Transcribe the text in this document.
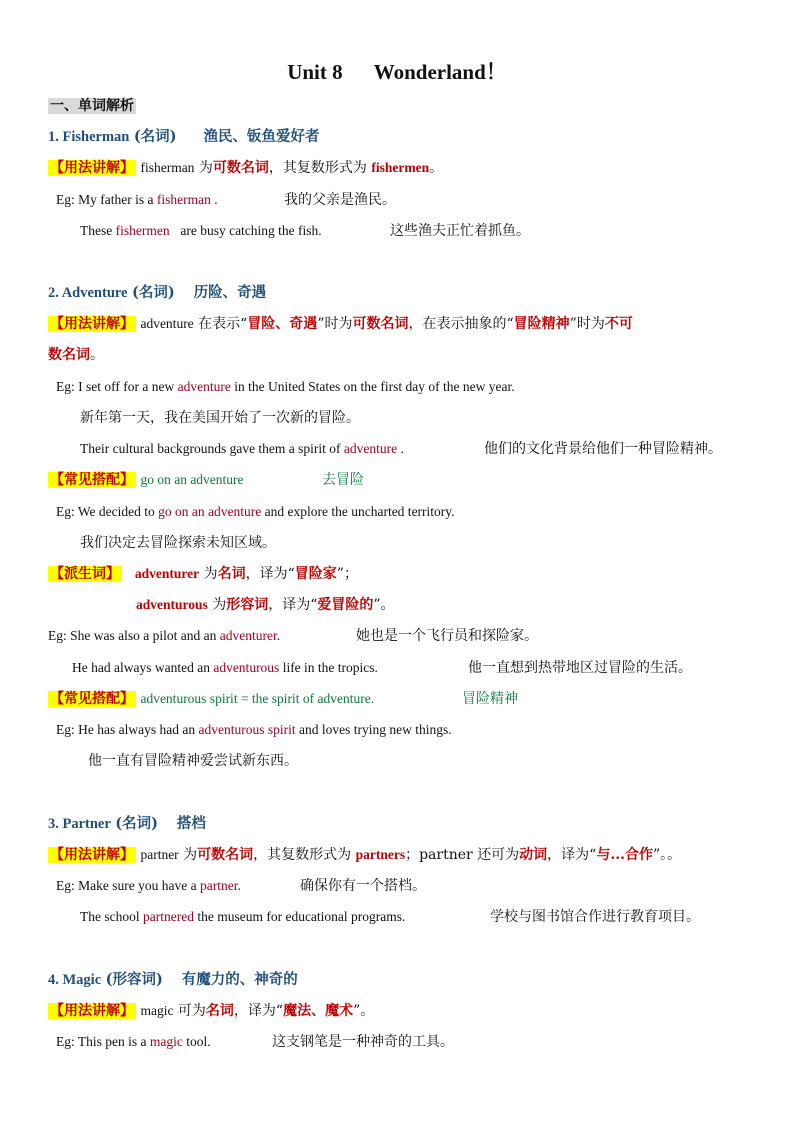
Unit 8      Wonderland！
一、单词解析
1. Fisherman (名词) 渔民、钣鱼爱好者
【用法讲解】 fisherman 为可数名词，其复数形式为 fishermen。
Eg: My father is a fisherman .	我的父亲是渔民。
These fishermen are busy catching the fish.	这些渔夫正忙着抓鱼。
2. Adventure (名词) 历险、奇遇
【用法讲解】 adventure 在表示“冒险、奇遇”时为可数名词，在表示抽象的“冒险精神”时为不可
数名词。
Eg: I set off for a new adventure in the United States on the first day of the new year.
新年第一天，我在美国开始了一次新的冒险。
Their cultural backgrounds gave them a spirit of adventure .	他们的文化背景给他们一种冒险精神。
【常见搭配】 go on an adventure	去冒险
Eg: We decided to go on an adventure and explore the uncharted territory.
我们决定去冒险探索未知区域。
【派生词】 adventurer 为名词，译为“冒险家”；
adventurous 为形容词，译为“爱冒险的”。
Eg: She was also a pilot and an adventurer.	她也是一个飞行员和探险家。
He had always wanted an adventurous life in the tropics.	他一直想到热带地区过冒险的生活。
【常见搭配】 adventurous spirit = the spirit of adventure.	冒险精神
Eg: He has always had an adventurous spirit and loves trying new things.
他一直有冒险精神爱尝试新东西。
3. Partner (名词) 搭档
【用法讲解】 partner 为可数名词，其复数形式为 partners；partner 还可为动词，译为“与...合作”。。
Eg: Make sure you have a partner.	确保你有一个搭档。
The school partnered the museum for educational programs.	学校与图书馆合作进行教育项目。
4. Magic (形容词) 有魔力的、神奇的
【用法讲解】 magic 可为名词，译为“魔法、魔术”。
Eg: This pen is a magic tool.	这支钢笔是一种神奇的工具。
